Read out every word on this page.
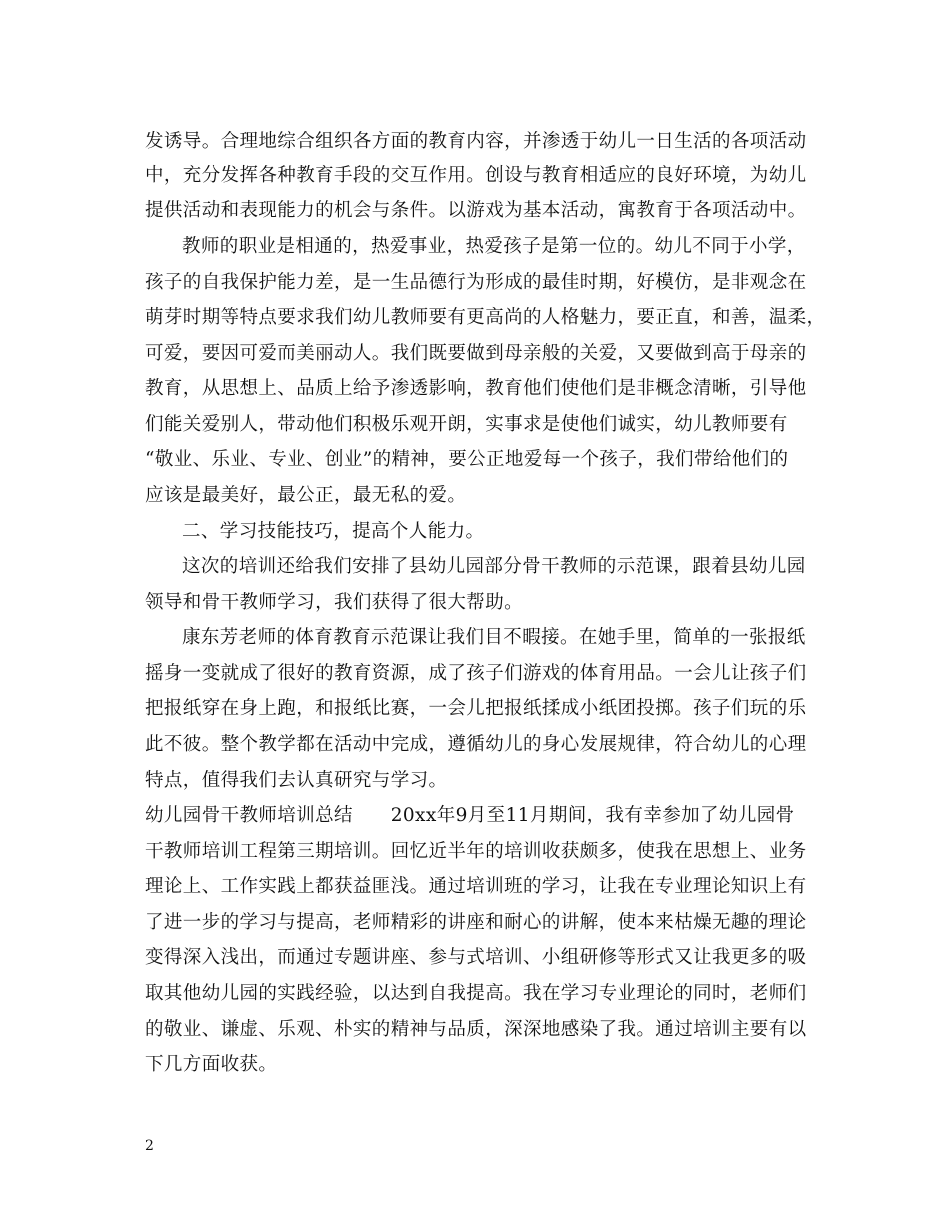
发诱导。合理地综合组织各方面的教育内容，并渗透于幼儿一日生活的各项活动
中，充分发挥各种教育手段的交互作用。创设与教育相适应的良好环境，为幼儿
提供活动和表现能力的机会与条件。以游戏为基本活动，寓教育于各项活动中。
教师的职业是相通的，热爱事业，热爱孩子是第一位的。幼儿不同于小学，
孩子的自我保护能力差，是一生品德行为形成的最佳时期，好模仿，是非观念在
萌芽时期等特点要求我们幼儿教师要有更高尚的人格魅力，要正直，和善，温柔，
可爱，要因可爱而美丽动人。我们既要做到母亲般的关爱，又要做到高于母亲的
教育，从思想上、品质上给予渗透影响，教育他们使他们是非概念清晰，引导他
们能关爱别人，带动他们积极乐观开朗，实事求是使他们诚实，幼儿教师要有
“敬业、乐业、专业、创业”的精神，要公正地爱每一个孩子，我们带给他们的
应该是最美好，最公正，最无私的爱。
二、学习技能技巧，提高个人能力。
这次的培训还给我们安排了县幼儿园部分骨干教师的示范课，跟着县幼儿园
领导和骨干教师学习，我们获得了很大帮助。
康东芳老师的体育教育示范课让我们目不暇接。在她手里，简单的一张报纸
摇身一变就成了很好的教育资源，成了孩子们游戏的体育用品。一会儿让孩子们
把报纸穿在身上跑，和报纸比赛，一会儿把报纸揉成小纸团投掷。孩子们玩的乐
此不彼。整个教学都在活动中完成，遵循幼儿的身心发展规律，符合幼儿的心理
特点，值得我们去认真研究与学习。
幼儿园骨干教师培训总结　　20xx年9月至11月期间，我有幸参加了幼儿园骨
干教师培训工程第三期培训。回忆近半年的培训收获颇多，使我在思想上、业务
理论上、工作实践上都获益匪浅。通过培训班的学习，让我在专业理论知识上有
了进一步的学习与提高，老师精彩的讲座和耐心的讲解，使本来枯燥无趣的理论
变得深入浅出，而通过专题讲座、参与式培训、小组研修等形式又让我更多的吸
取其他幼儿园的实践经验，以达到自我提高。我在学习专业理论的同时，老师们
的敬业、谦虚、乐观、朴实的精神与品质，深深地感染了我。通过培训主要有以
下几方面收获。
2
